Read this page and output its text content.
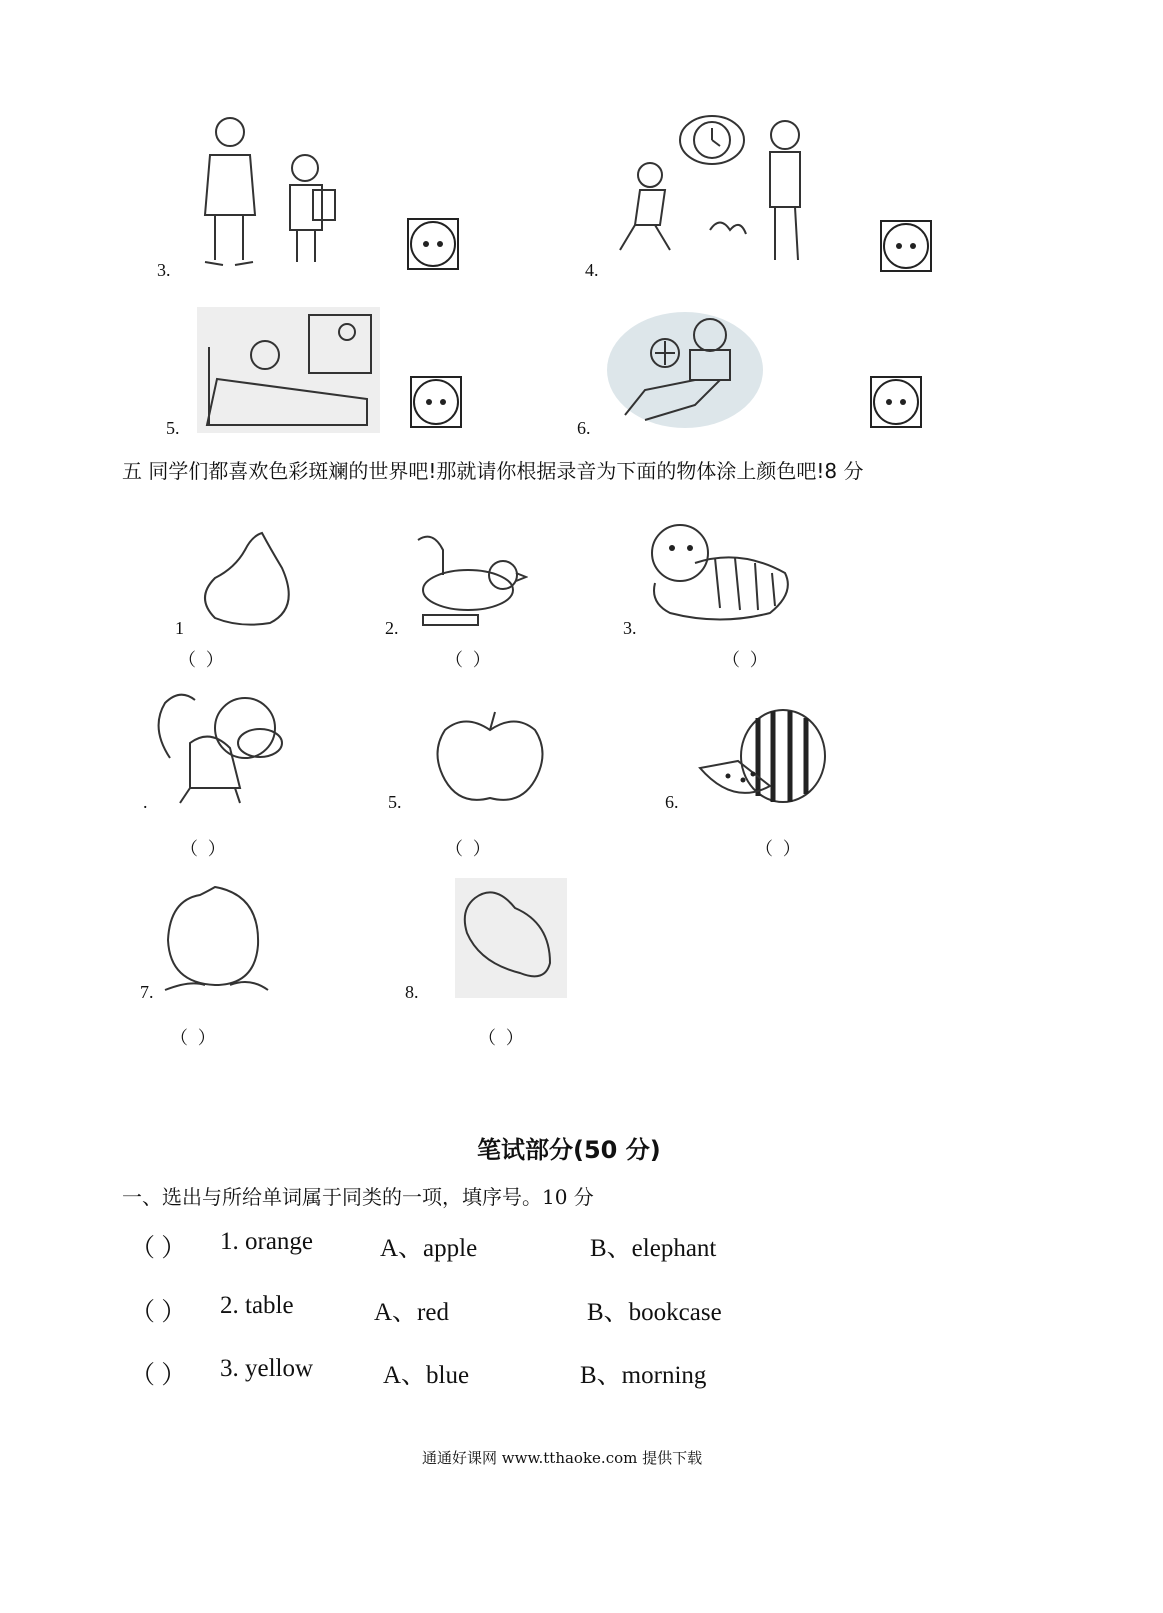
3.	4.
5.	6.
五 同学们都喜欢色彩斑斓的世界吧!那就请你根据录音为下面的物体涂上颜色吧!8 分
1
（ ）
2.
（ ）
3.
（ ）
.
（ ）
5.
（ ）
6.
（ ）
7.
（ ）
8.
（ ）
笔试部分(50 分)
一、选出与所给单词属于同类的一项，填序号。10 分
（ ） 1. orange	A、apple	B、elephant
（ ） 2. table	A、red	B、bookcase
（ ） 3. yellow	A、blue	B、morning
通通好课网 www.tthaoke.com 提供下载
